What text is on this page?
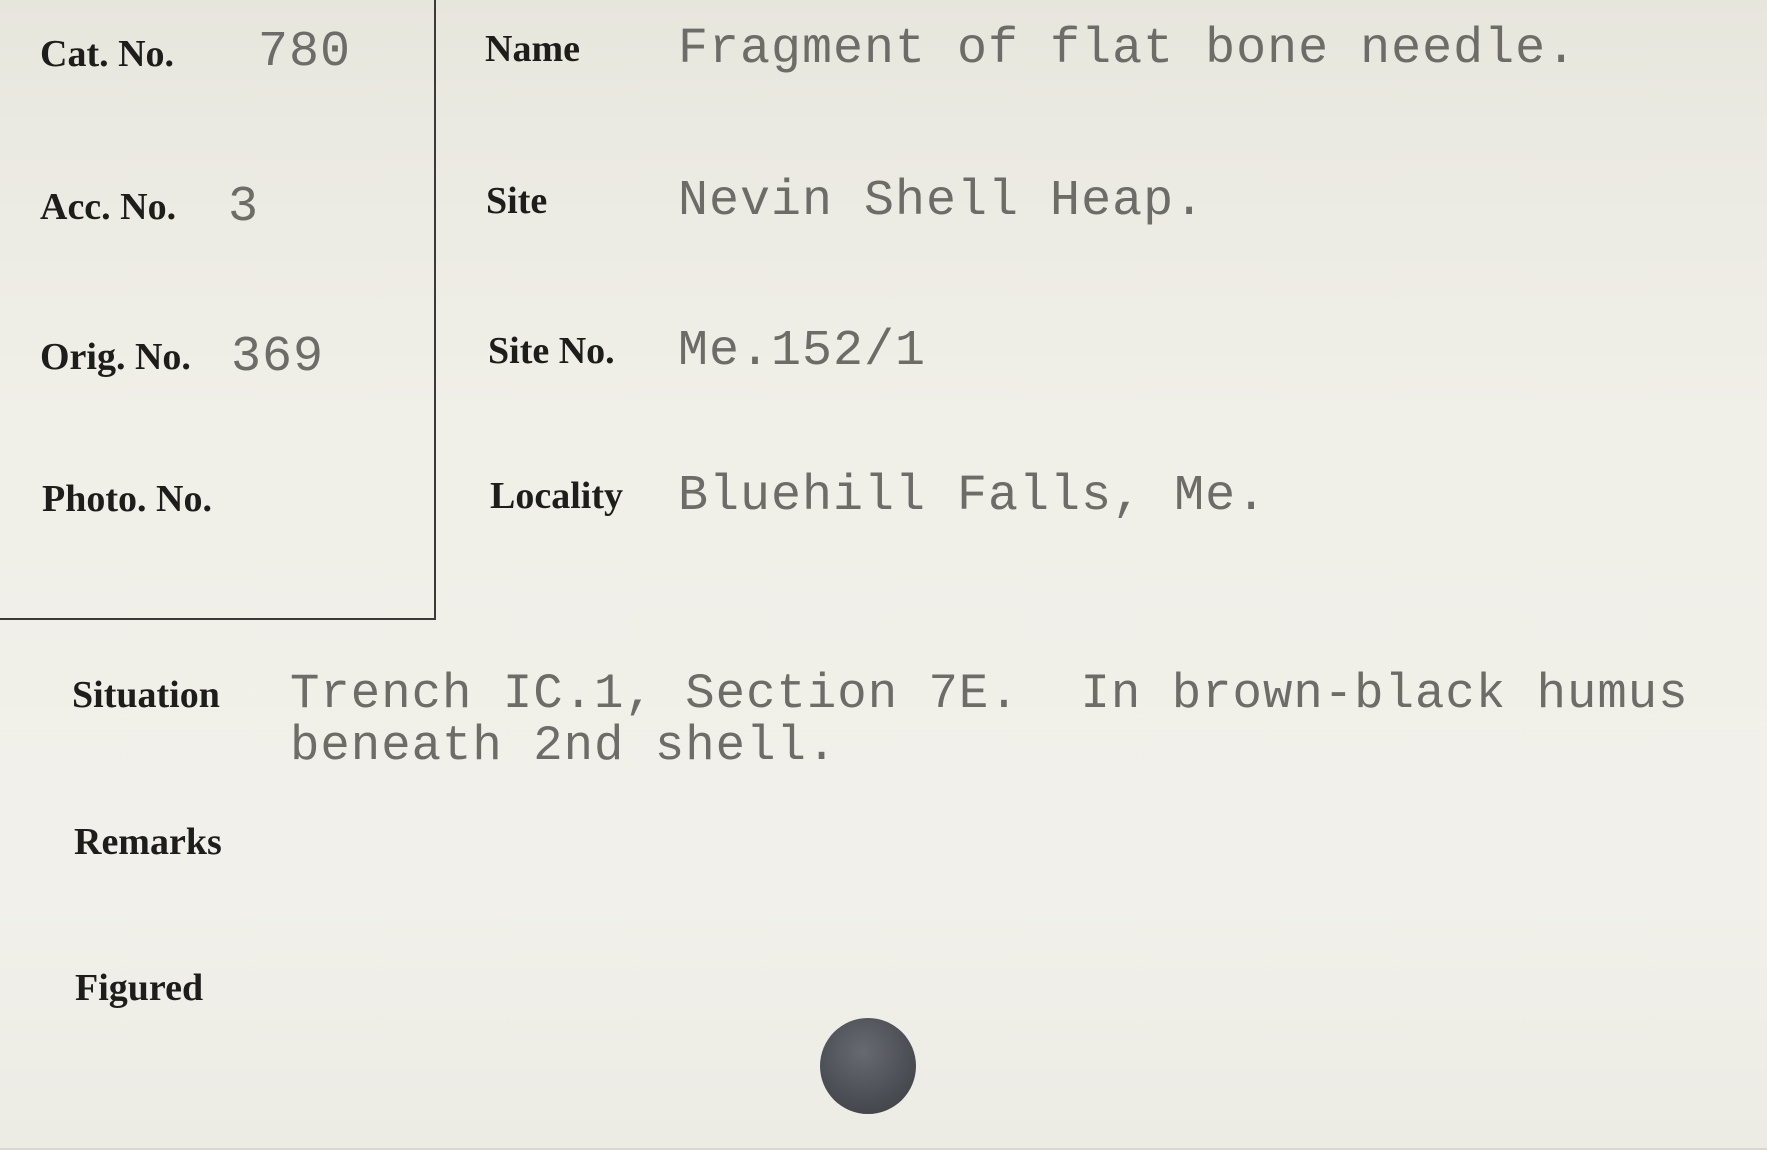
Cat. No. 780
Acc. No. 3
Orig. No. 369
Photo. No.
Name Fragment of flat bone needle.
Site	Nevin Shell Heap.
Site No. Me.152/1
Locality Bluehill Falls, Me.
Situation Trench IC.1, Section 7E.  In brown-black humus
beneath 2nd shell.
Remarks
Figured
